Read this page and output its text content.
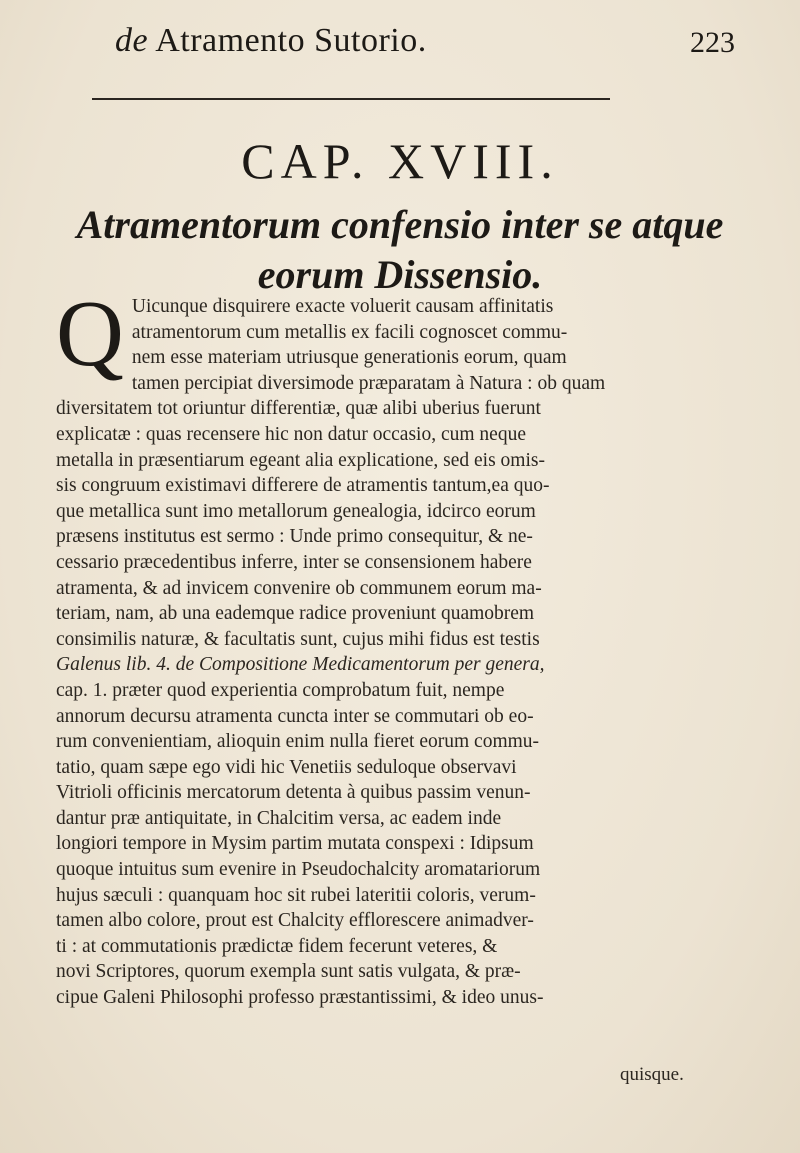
de Atramento Sutorio.	223
CAP. XVIII.
Atramentorum confensio inter se atque
eorum Dissensio.
Q Uicunque disquirere exacte voluerit causam affinitatis
atramentorum cum metallis ex facili cognoscet commu-
nem esse materiam utriusque generationis eorum, quam
tamen percipiat diversimode præparatam à Natura : ob quam
diversitatem tot oriuntur differentiæ, quæ alibi uberius fuerunt
explicatæ : quas recensere hic non datur occasio, cum neque
metalla in præsentiarum egeant alia explicatione, sed eis omis-
sis congruum existimavi differere de atramentis tantum,ea quo-
que metallica sunt imo metallorum genealogia, idcirco eorum
præsens institutus est sermo : Unde primo consequitur, & ne-
cessario præcedentibus inferre, inter se consensionem habere
atramenta, & ad invicem convenire ob communem eorum ma-
teriam, nam, ab una eademque radice proveniunt quamobrem
consimilis naturæ, & facultatis sunt, cujus mihi fidus est testis
Galenus lib. 4. de Compositione Medicamentorum per genera,
cap. 1. præter quod experientia comprobatum fuit, nempe
annorum decursu atramenta cuncta inter se commutari ob eo-
rum convenientiam, alioquin enim nulla fieret eorum commu-
tatio, quam sæpe ego vidi hic Venetiis seduloque observavi
Vitrioli officinis mercatorum detenta à quibus passim venun-
dantur præ antiquitate, in Chalcitim versa, ac eadem inde
longiori tempore in Mysim partim mutata conspexi : Idipsum
quoque intuitus sum evenire in Pseudochalcity aromatariorum
hujus sæculi : quanquam hoc sit rubei lateritii coloris, verum-
tamen albo colore, prout est Chalcity efflorescere animadver-
ti : at commutationis prædictæ fidem fecerunt veteres, &
novi Scriptores, quorum exempla sunt satis vulgata, & præ-
cipue Galeni Philosophi professo præstantissimi, & ideo unus-
quisque.
